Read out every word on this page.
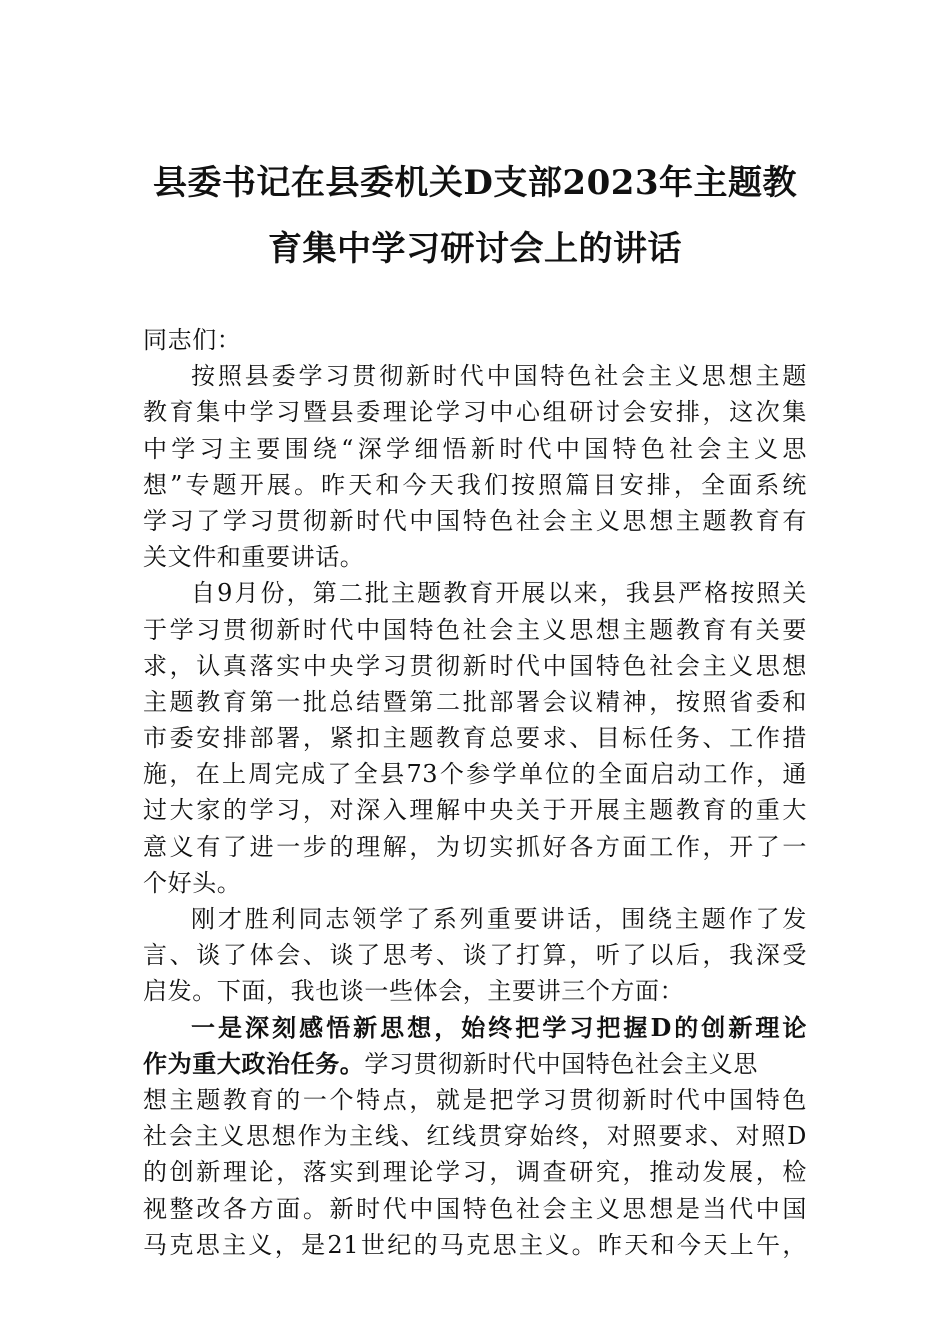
县委书记在县委机关D支部2023年主题教
育集中学习研讨会上的讲话
同志们：
按照县委学习贯彻新时代中国特色社会主义思想主题
教育集中学习暨县委理论学习中心组研讨会安排，这次集
中学习主要围绕“深学细悟新时代中国特色社会主义思
想”专题开展。昨天和今天我们按照篇目安排，全面系统
学习了学习贯彻新时代中国特色社会主义思想主题教育有
关文件和重要讲话。
自9月份，第二批主题教育开展以来，我县严格按照关
于学习贯彻新时代中国特色社会主义思想主题教育有关要
求，认真落实中央学习贯彻新时代中国特色社会主义思想
主题教育第一批总结暨第二批部署会议精神，按照省委和
市委安排部署，紧扣主题教育总要求、目标任务、工作措
施，在上周完成了全县73个参学单位的全面启动工作，通
过大家的学习，对深入理解中央关于开展主题教育的重大
意义有了进一步的理解，为切实抓好各方面工作，开了一
个好头。
刚才胜利同志领学了系列重要讲话，围绕主题作了发
言、谈了体会、谈了思考、谈了打算，听了以后，我深受
启发。下面，我也谈一些体会，主要讲三个方面：
一是深刻感悟新思想，始终把学习把握D的创新理论
作为重大政治任务。学习贯彻新时代中国特色社会主义思
想主题教育的一个特点，就是把学习贯彻新时代中国特色
社会主义思想作为主线、红线贯穿始终，对照要求、对照D
的创新理论，落实到理论学习，调查研究，推动发展，检
视整改各方面。新时代中国特色社会主义思想是当代中国
马克思主义，是21世纪的马克思主义。昨天和今天上午，
